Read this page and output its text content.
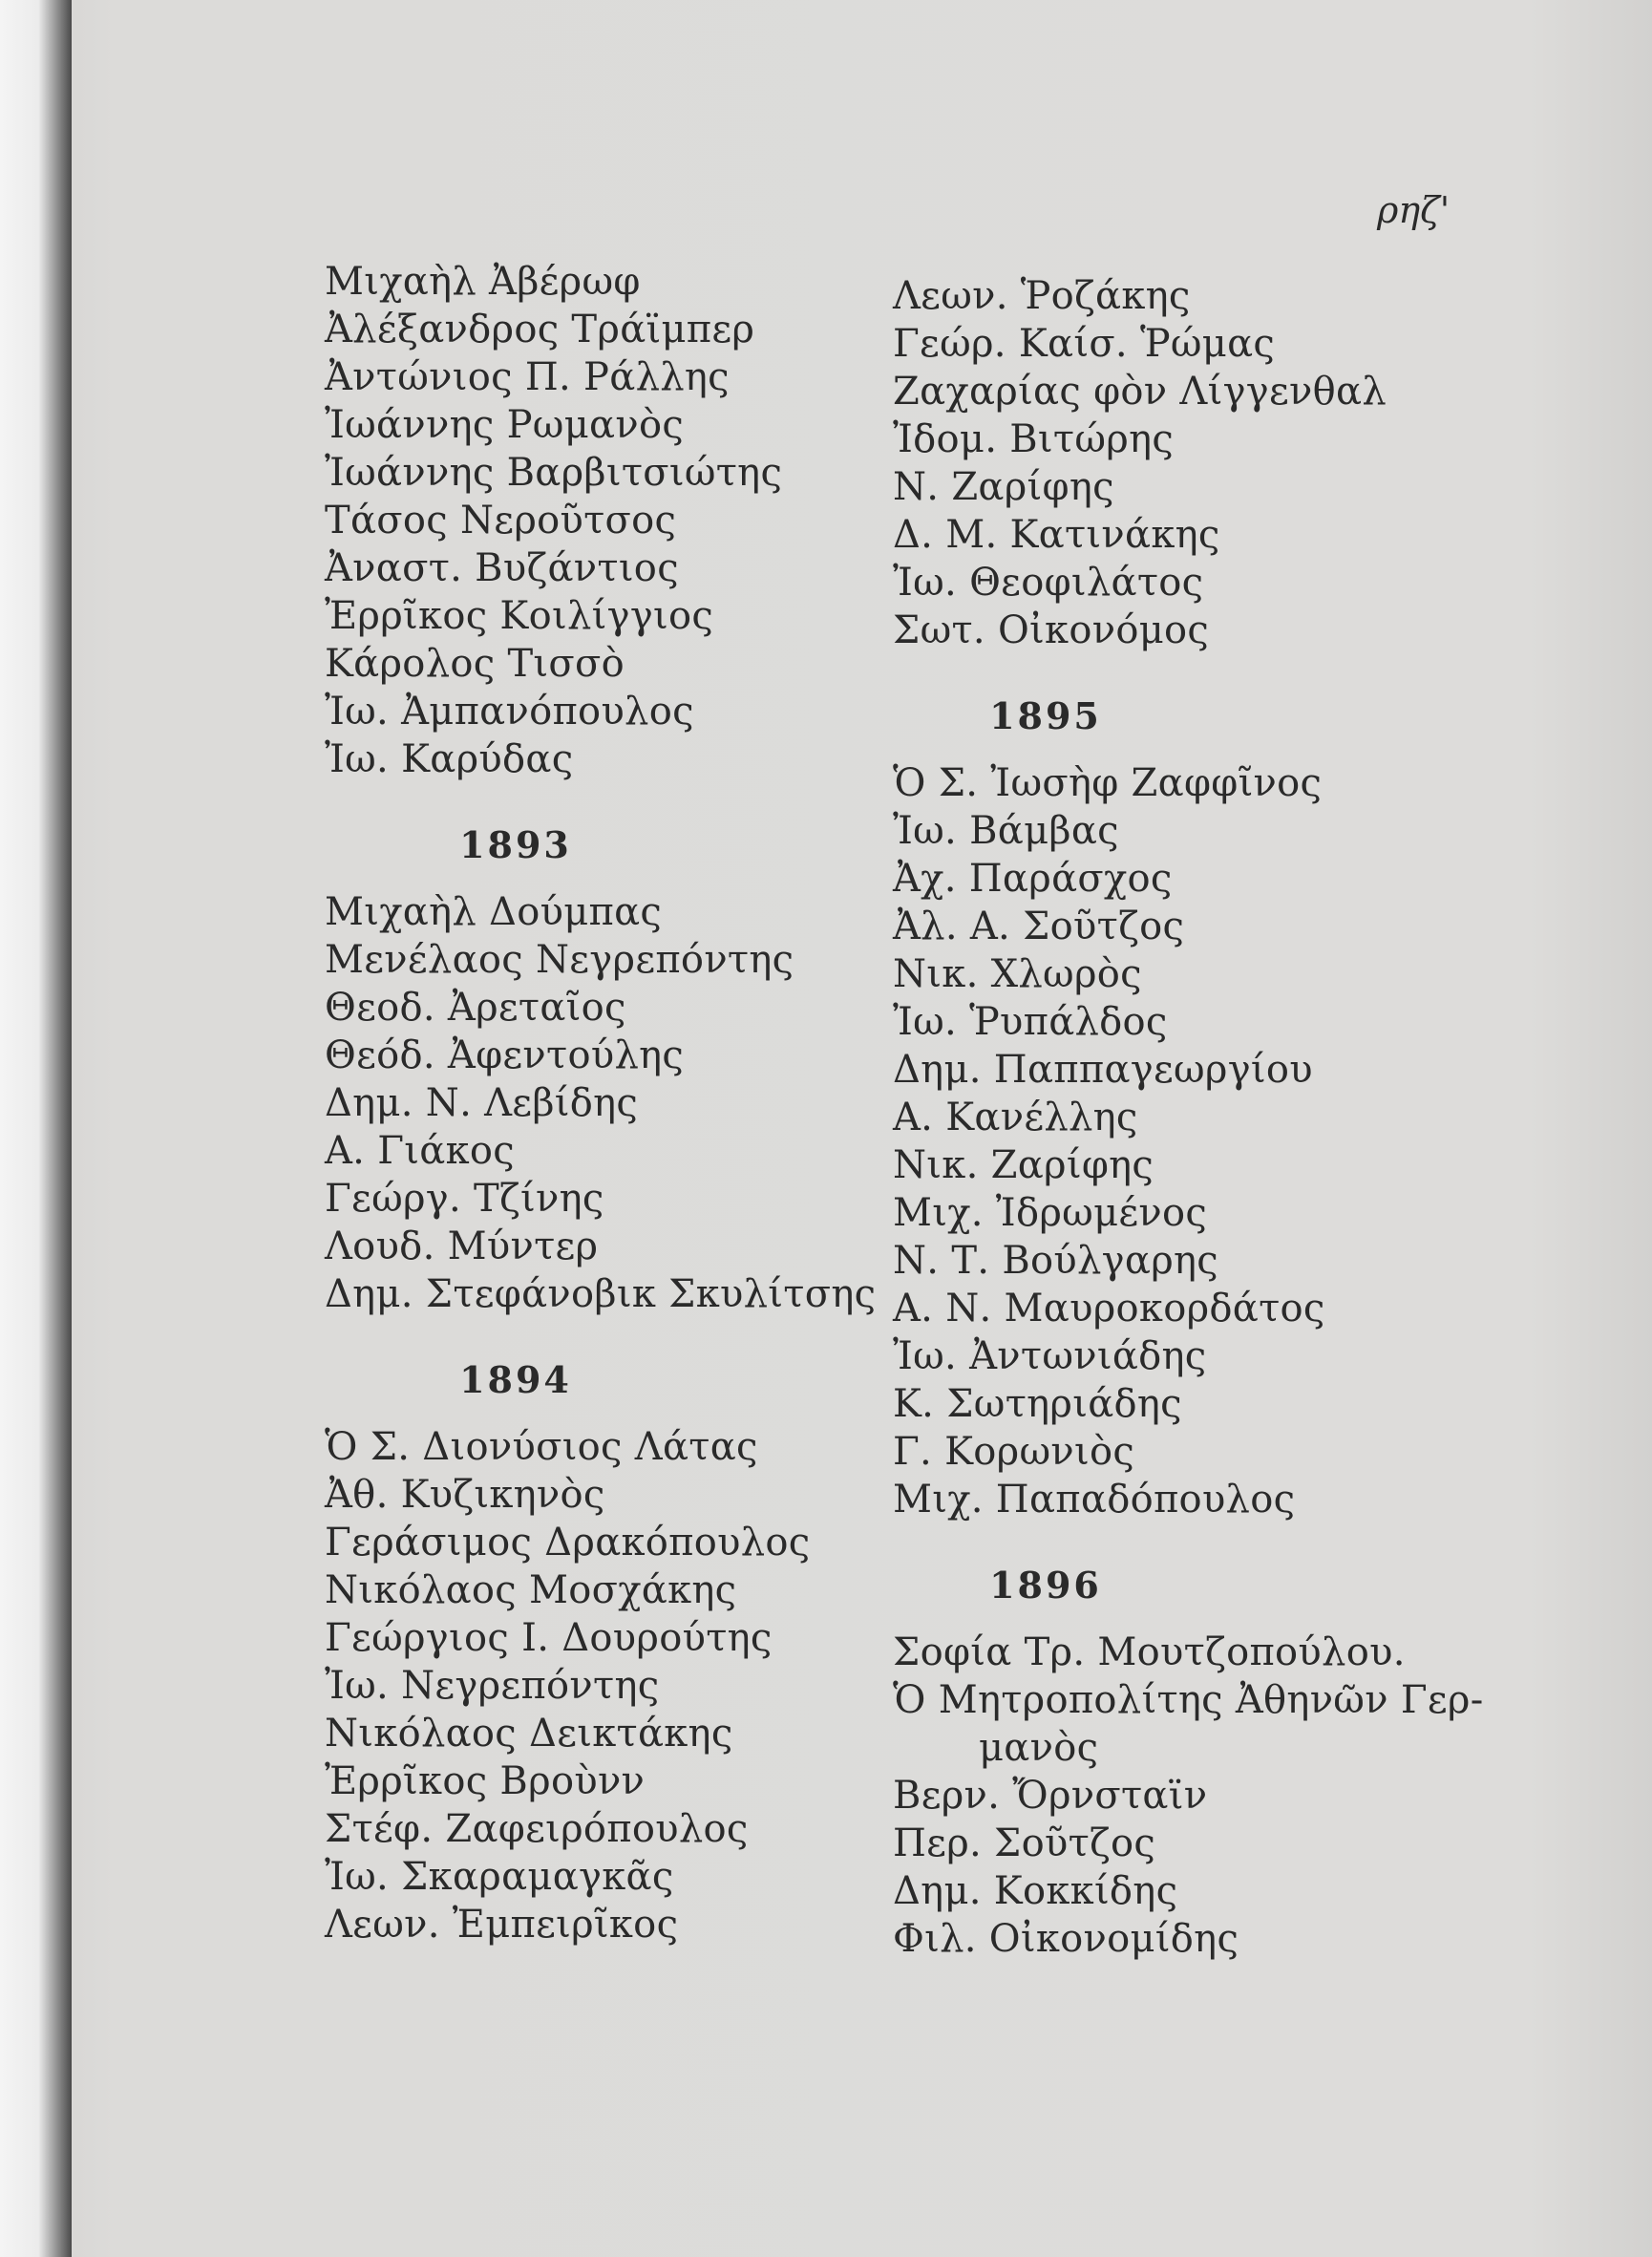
ρηζ'
Μιχαὴλ Ἀβέρωφ
Ἀλέξανδρος Τράϊμπερ
Ἀντώνιος Π. Ράλλης
Ἰωάννης Ρωμανὸς
Ἰωάννης Βαρβιτσιώτης
Τάσος Νεροῦτσος
Ἀναστ. Βυζάντιος
Ἐρρῖκος Κοιλίγγιος
Κάρολος Τισσὸ
Ἰω. Ἀμπανόπουλος
Ἰω. Καρύδας
1893
Μιχαὴλ Δούμπας
Μενέλαος Νεγρεπόντης
Θεοδ. Ἀρεταῖος
Θεόδ. Ἀφεντούλης
Δημ. Ν. Λεβίδης
Α. Γιάκος
Γεώργ. Τζίνης
Λουδ. Μύντερ
Δημ. Στεφάνοβικ Σκυλίτσης
1894
Ὁ Σ. Διονύσιος Λάτας
Ἀθ. Κυζικηνὸς
Γεράσιμος Δρακόπουλος
Νικόλαος Μοσχάκης
Γεώργιος Ι. Δουρούτης
Ἰω. Νεγρεπόντης
Νικόλαος Δεικτάκης
Ἐρρῖκος Βροὺνν
Στέφ. Ζαφειρόπουλος
Ἰω. Σκαραμαγκᾶς
Λεων. Ἐμπειρῖκος
Λεων. Ῥοζάκης
Γεώρ. Καίσ. Ῥώμας
Ζαχαρίας φὸν Λίγγενθαλ
Ἰδομ. Βιτώρης
Ν. Ζαρίφης
Δ. Μ. Κατινάκης
Ἰω. Θεοφιλάτος
Σωτ. Οἰκονόμος
1895
Ὁ Σ. Ἰωσὴφ Ζαφφῖνος
Ἰω. Βάμβας
Ἀχ. Παράσχος
Ἀλ. Α. Σοῦτζος
Νικ. Χλωρὸς
Ἰω. Ῥυπάλδος
Δημ. Παππαγεωργίου
Α. Κανέλλης
Νικ. Ζαρίφης
Μιχ. Ἰδρωμένος
Ν. Τ. Βούλγαρης
Α. Ν. Μαυροκορδάτος
Ἰω. Ἀντωνιάδης
Κ. Σωτηριάδης
Γ. Κορωνιὸς
Μιχ. Παπαδόπουλος
1896
Σοφία Τρ. Μουτζοπούλου.
Ὁ Μητροπολίτης Ἀθηνῶν Γερ-
μανὸς
Βερν. Ὄρνσταϊν
Περ. Σοῦτζος
Δημ. Κοκκίδης
Φιλ. Οἰκονομίδης
